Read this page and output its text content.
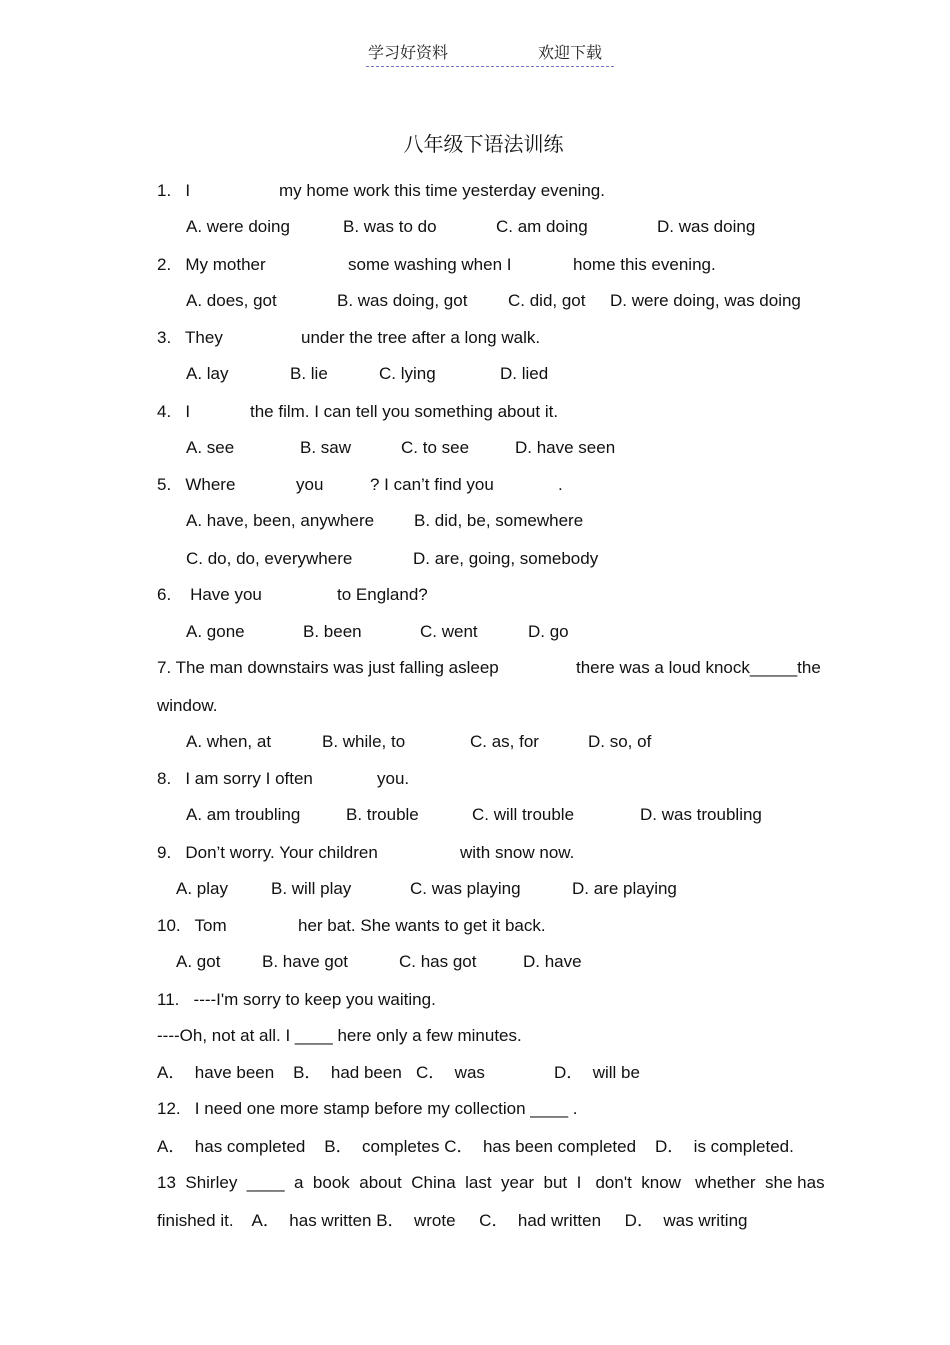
学习好资料	欢迎下载
八年级下语法训练
1.   I	my home work this time yesterday evening.
A. were doing	B. was to do	C. am doing	D. was doing
2.   My mother	some washing when I	home this evening.
A. does, got	B. was doing, got C. did, got D. were doing, was doing
3.   They	under the tree after a long walk.
A. lay	B. lie	C. lying	D. lied
4.   I	the film. I can tell you something about it.
A. see	B. saw	C. to see	D. have seen
5.   Where	you	? I can’t find you	.
A. have, been, anywhere B. did, be, somewhere
C. do, do, everywhere	D. are, going, somebody
6.    Have you	to England?
A. gone	B. been	C. went	D. go
7. The man downstairs was just falling asleep	there was a loud knock_____the
window.
A. when, at	B. while, to	C. as, for	D. so, of
8.   I am sorry I often	you.
A. am troubling	B. trouble	C. will trouble	D. was troubling
9.   Don’t worry. Your children	with snow now.
A. play	B. will play	C. was playing	D. are playing
10.   Tom	her bat. She wants to get it back.
A. got B. have got	C. has got	D. have
11.   ----I'm sorry to keep you waiting.
----Oh, not at all. I ____ here only a few minutes.
A．  have been    B．  had been   C．  was	D．  will be
12.   I need one more stamp before my collection ____ .
A．  has completed    B．  completes C．  has been completed    D．  is completed.
13  Shirley  ____  a  book  about  China  last  year  but  I   don't  know   whether  she has
finished it.    A．  has written B．  wrote     C．  had written     D．  was writing
